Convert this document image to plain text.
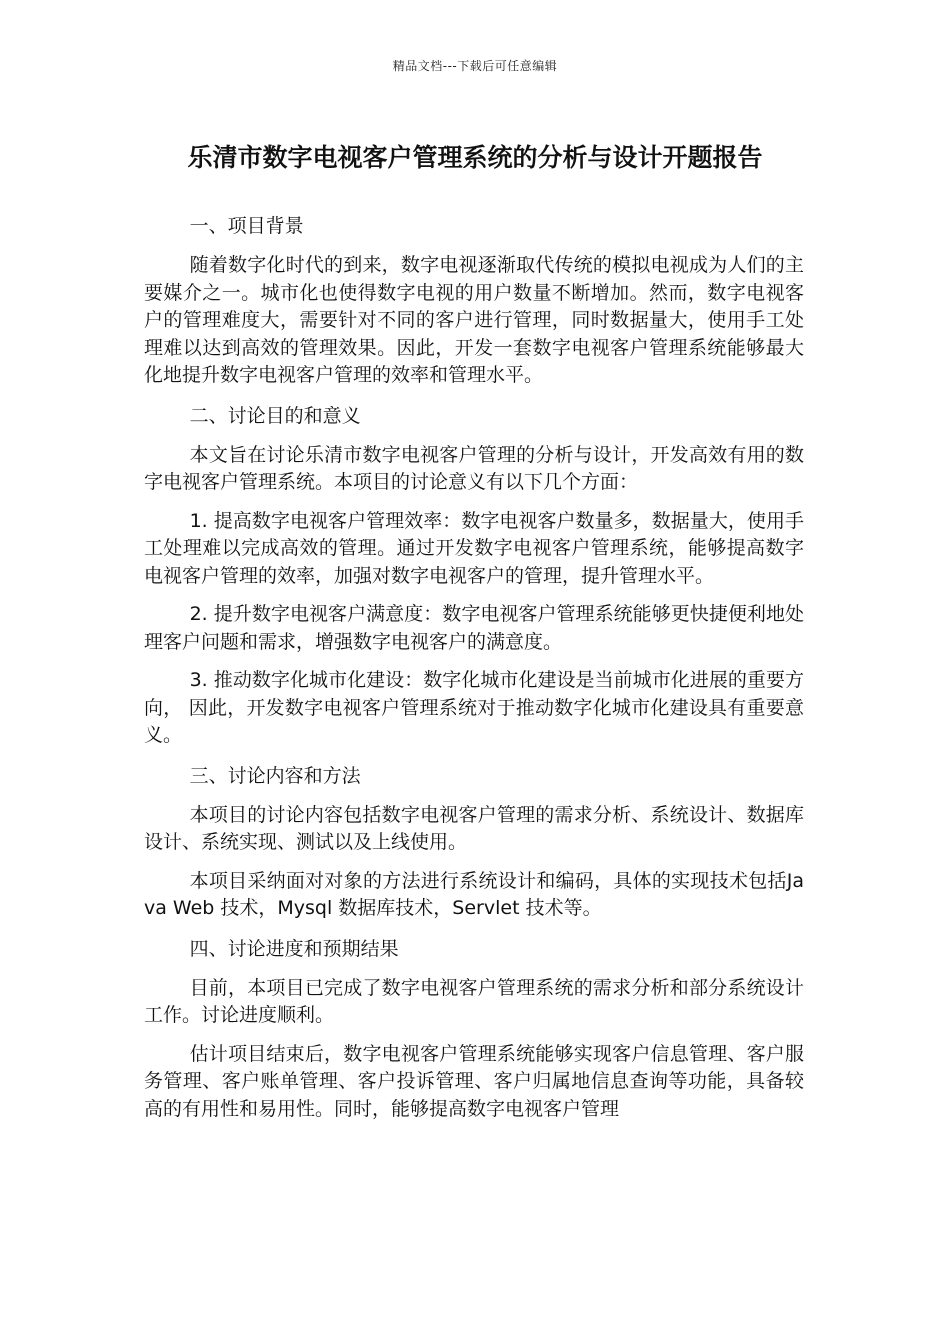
精品文档---下载后可任意编辑
乐清市数字电视客户管理系统的分析与设计开题报告

一、项目背景

随着数字化时代的到来，数字电视逐渐取代传统的模拟电视成为人们的主要媒介之一。城市化也使得数字电视的用户数量不断增加。然而，数字电视客户的管理难度大，需要针对不同的客户进行管理，同时数据量大，使用手工处理难以达到高效的管理效果。因此，开发一套数字电视客户管理系统能够最大化地提升数字电视客户管理的效率和管理水平。

二、讨论目的和意义

本文旨在讨论乐清市数字电视客户管理的分析与设计，开发高效有用的数字电视客户管理系统。本项目的讨论意义有以下几个方面：

1. 提高数字电视客户管理效率：数字电视客户数量多，数据量大，使用手工处理难以完成高效的管理。通过开发数字电视客户管理系统，能够提高数字电视客户管理的效率，加强对数字电视客户的管理，提升管理水平。

2. 提升数字电视客户满意度：数字电视客户管理系统能够更快捷便利地处理客户问题和需求，增强数字电视客户的满意度。

3. 推动数字化城市化建设：数字化城市化建设是当前城市化进展的重要方向， 因此，开发数字电视客户管理系统对于推动数字化城市化建设具有重要意义。

三、讨论内容和方法

本项目的讨论内容包括数字电视客户管理的需求分析、系统设计、数据库设计、系统实现、测试以及上线使用。

本项目采纳面对对象的方法进行系统设计和编码，具体的实现技术包括Java Web 技术，Mysql 数据库技术，Servlet 技术等。

四、讨论进度和预期结果

目前，本项目已完成了数字电视客户管理系统的需求分析和部分系统设计工作。讨论进度顺利。

估计项目结束后，数字电视客户管理系统能够实现客户信息管理、客户服务管理、客户账单管理、客户投诉管理、客户归属地信息查询等功能，具备较高的有用性和易用性。同时，能够提高数字电视客户管理
